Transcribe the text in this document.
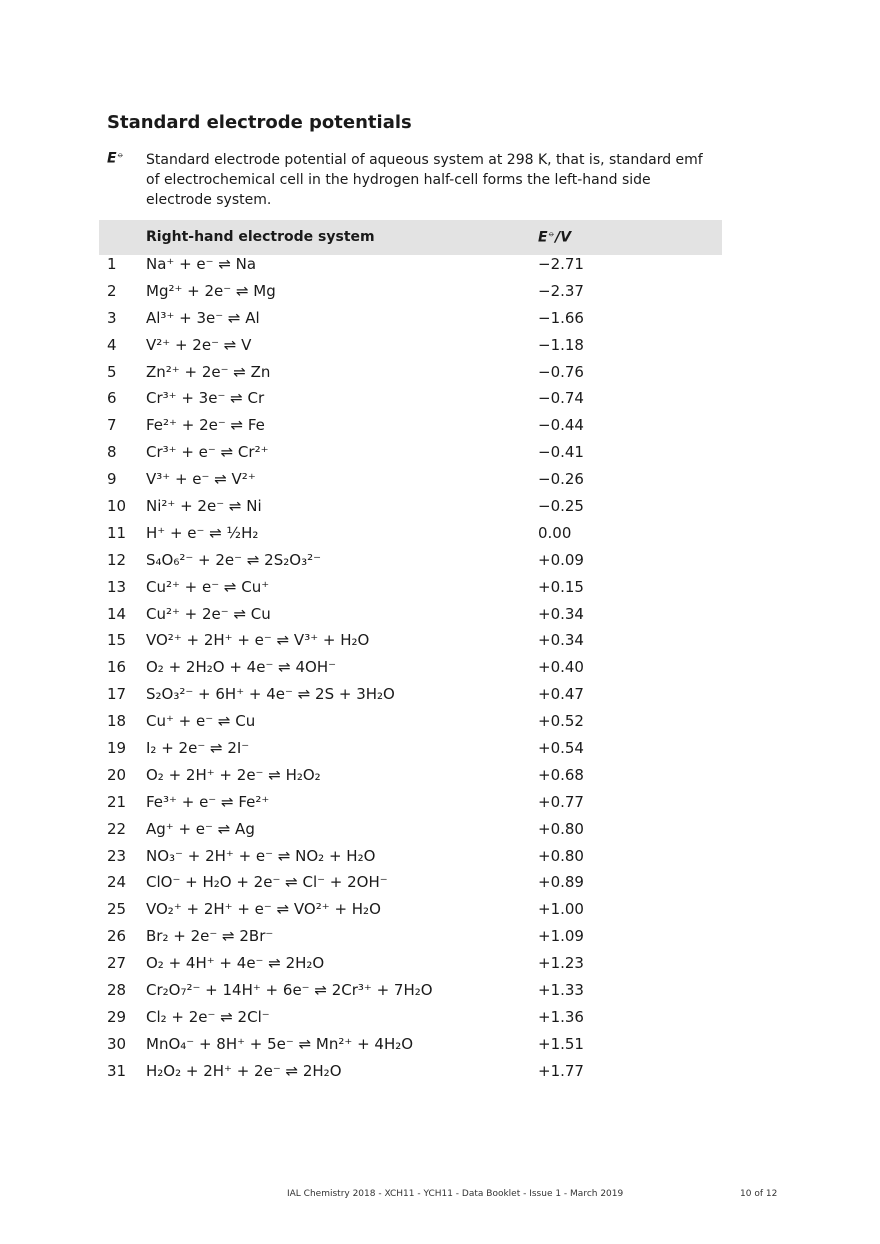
Standard electrode potentials
E⦵ Standard electrode potential of aqueous system at 298 K, that is, standard emf of electrochemical cell in the hydrogen half-cell forms the left-hand side electrode system.

Right-hand electrode system	E⦵/V
1 Na⁺ + e⁻ ⇌ Na	−2.71
2 Mg²⁺ + 2e⁻ ⇌ Mg	−2.37
3 Al³⁺ + 3e⁻ ⇌ Al	−1.66
4 V²⁺ + 2e⁻ ⇌ V	−1.18
5 Zn²⁺ + 2e⁻ ⇌ Zn	−0.76
6 Cr³⁺ + 3e⁻ ⇌ Cr	−0.74
7 Fe²⁺ + 2e⁻ ⇌ Fe	−0.44
8 Cr³⁺ + e⁻ ⇌ Cr²⁺	−0.41
9 V³⁺ + e⁻ ⇌ V²⁺	−0.26
10 Ni²⁺ + 2e⁻ ⇌ Ni	−0.25
11 H⁺ + e⁻ ⇌ ½H₂	0.00
12 S₄O₆²⁻ + 2e⁻ ⇌ 2S₂O₃²⁻	+0.09
13 Cu²⁺ + e⁻ ⇌ Cu⁺	+0.15
14 Cu²⁺ + 2e⁻ ⇌ Cu	+0.34
15 VO²⁺ + 2H⁺ + e⁻ ⇌ V³⁺ + H₂O	+0.34
16 O₂ + 2H₂O + 4e⁻ ⇌ 4OH⁻	+0.40
17 S₂O₃²⁻ + 6H⁺ + 4e⁻ ⇌ 2S + 3H₂O	+0.47
18 Cu⁺ + e⁻ ⇌ Cu	+0.52
19 I₂ + 2e⁻ ⇌ 2I⁻	+0.54
20 O₂ + 2H⁺ + 2e⁻ ⇌ H₂O₂	+0.68
21 Fe³⁺ + e⁻ ⇌ Fe²⁺	+0.77
22 Ag⁺ + e⁻ ⇌ Ag	+0.80
23 NO₃⁻ + 2H⁺ + e⁻ ⇌ NO₂ + H₂O	+0.80
24 ClO⁻ + H₂O + 2e⁻ ⇌ Cl⁻ + 2OH⁻	+0.89
25 VO₂⁺ + 2H⁺ + e⁻ ⇌ VO²⁺ + H₂O	+1.00
26 Br₂ + 2e⁻ ⇌ 2Br⁻	+1.09
27 O₂ + 4H⁺ + 4e⁻ ⇌ 2H₂O	+1.23
28 Cr₂O₇²⁻ + 14H⁺ + 6e⁻ ⇌ 2Cr³⁺ + 7H₂O	+1.33
29 Cl₂ + 2e⁻ ⇌ 2Cl⁻	+1.36
30 MnO₄⁻ + 8H⁺ + 5e⁻ ⇌ Mn²⁺ + 4H₂O	+1.51
31 H₂O₂ + 2H⁺ + 2e⁻ ⇌ 2H₂O	+1.77
IAL Chemistry 2018 - XCH11 - YCH11 - Data Booklet - Issue 1 - March 2019	10 of 12
